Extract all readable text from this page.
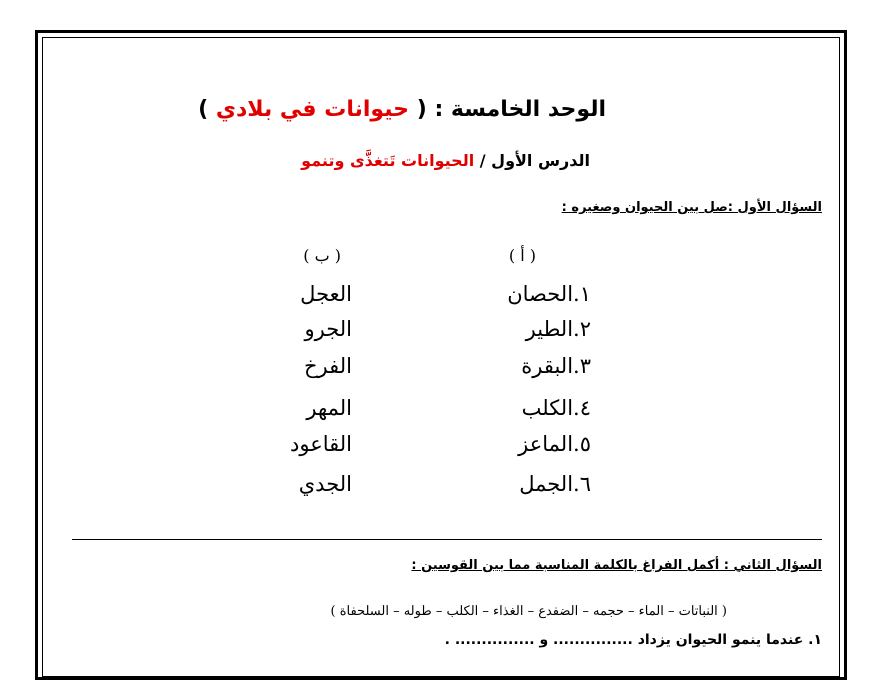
الوحد الخامسة : ( حيوانات في بلادي )
الدرس الأول / الحيوانات تَتغذَّى وتنمو
السؤال الأول :صل بين الحيوان وصغيره :
( أ )
( ب )
١.الحصان
٢.الطير
٣.البقرة
٤.الكلب
٥.الماعز
٦.الجمل
العجل
الجرو
الفرخ
المهر
القاعود
الجدي
السؤال الثاني : أكمل الفراغ بالكلمة المناسبة مما بين القوسين :
( النباتات – الماء – حجمه – الضفدع – الغذاء – الكلب – طوله – السلحفاة )
١. عندما ينمو الحيوان يزداد ............... و ............... .
